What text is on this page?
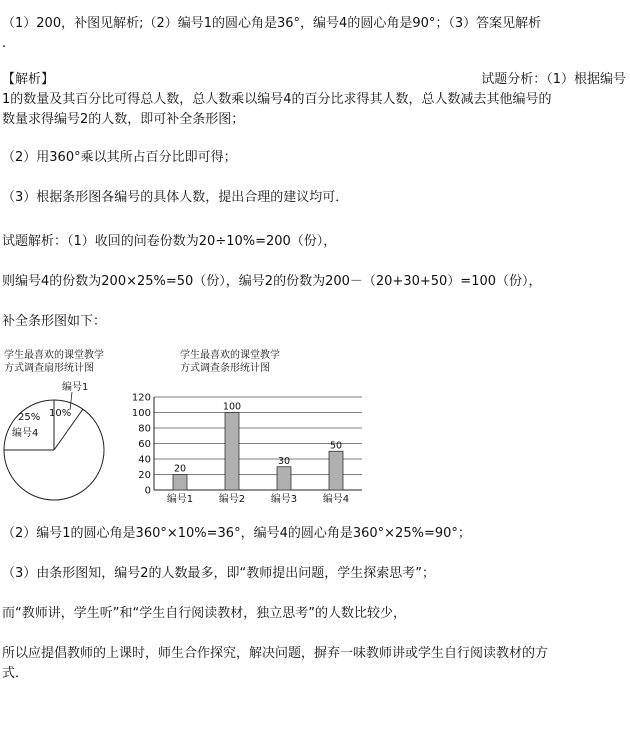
（1）200，补图见解析;（2）编号1的圆心角是36°，编号4的圆心角是90°；（3）答案见解析
.
【解析】	试题分析：（1）根据编号
1的数量及其百分比可得总人数，总人数乘以编号4的百分比求得其人数，总人数减去其他编号的
数量求得编号2的人数，即可补全条形图；
（2）用360°乘以其所占百分比即可得；
（3）根据条形图各编号的具体人数，提出合理的建议均可．
试题解析：（1）收回的问卷份数为20÷10%=200（份），
则编号4的份数为200×25%=50（份），编号2的份数为200－（20+30+50）=100（份），
补全条形图如下：
学生最喜欢的课堂教学
方式调查扇形统计图
编号1
10%
25%
编号4
学生最喜欢的课堂教学
方式调查条形统计图
20
100
30
50
0
20
40
60
80
100
120
编号1	编号2	编号3	编号4
（2）编号1的圆心角是360°×10%=36°，编号4的圆心角是360°×25%=90°；
（3）由条形图知，编号2的人数最多，即“教师提出问题，学生探索思考”；
而“教师讲，学生听”和“学生自行阅读教材，独立思考”的人数比较少，
所以应提倡教师的上课时，师生合作探究，解决问题，摒弃一味教师讲或学生自行阅读教材的方
式．
